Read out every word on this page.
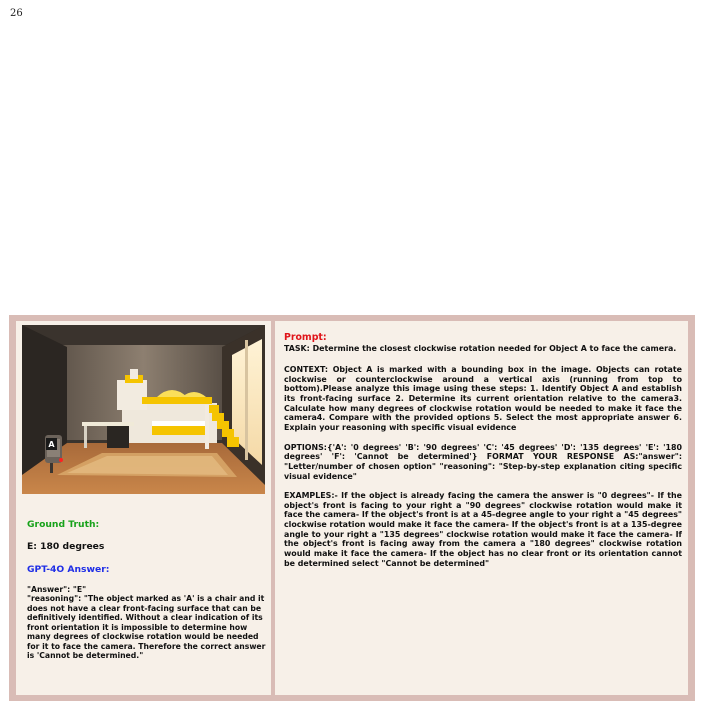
26
A
Ground Truth:
E: 180 degrees
GPT-4O Answer:
"Answer": "E"
"reasoning": "The object marked as 'A' is a chair and it does not have a clear front-facing surface that can be definitively identified. Without a clear indication of its front orientation it is impossible to determine how many degrees of clockwise rotation would be needed for it to face the camera. Therefore the correct answer is 'Cannot be determined."
Prompt:
TASK: Determine the closest clockwise rotation needed for Object A to face the camera.
CONTEXT: Object A is marked with a bounding box in the image. Objects can rotate clockwise or counterclockwise around a vertical axis (running from top to bottom).Please analyze this image using these steps: 1. Identify Object A and establish its front-facing surface 2. Determine its current orientation relative to the camera3. Calculate how many degrees of clockwise rotation would be needed to make it face the camera4. Compare with the provided options 5. Select the most appropriate answer 6. Explain your reasoning with specific visual evidence
OPTIONS:{'A': '0 degrees' 'B': '90 degrees' 'C': '45 degrees' 'D': '135 degrees' 'E': '180 degrees' 'F': 'Cannot be determined'} FORMAT YOUR RESPONSE AS:"answer": "Letter/number of chosen option" "reasoning": "Step-by-step explanation citing specific visual evidence"
EXAMPLES:- If the object is already facing the camera the answer is "0 degrees"- If the object's front is facing to your right a "90 degrees" clockwise rotation would make it face the camera- If the object's front is at a 45-degree angle to your right a "45 degrees" clockwise rotation would make it face the camera- If the object's front is at a 135-degree angle to your right a "135 degrees" clockwise rotation would make it face the camera- If the object's front is facing away from the camera a "180 degrees" clockwise rotation would make it face the camera- If the object has no clear front or its orientation cannot be determined select "Cannot be determined"
